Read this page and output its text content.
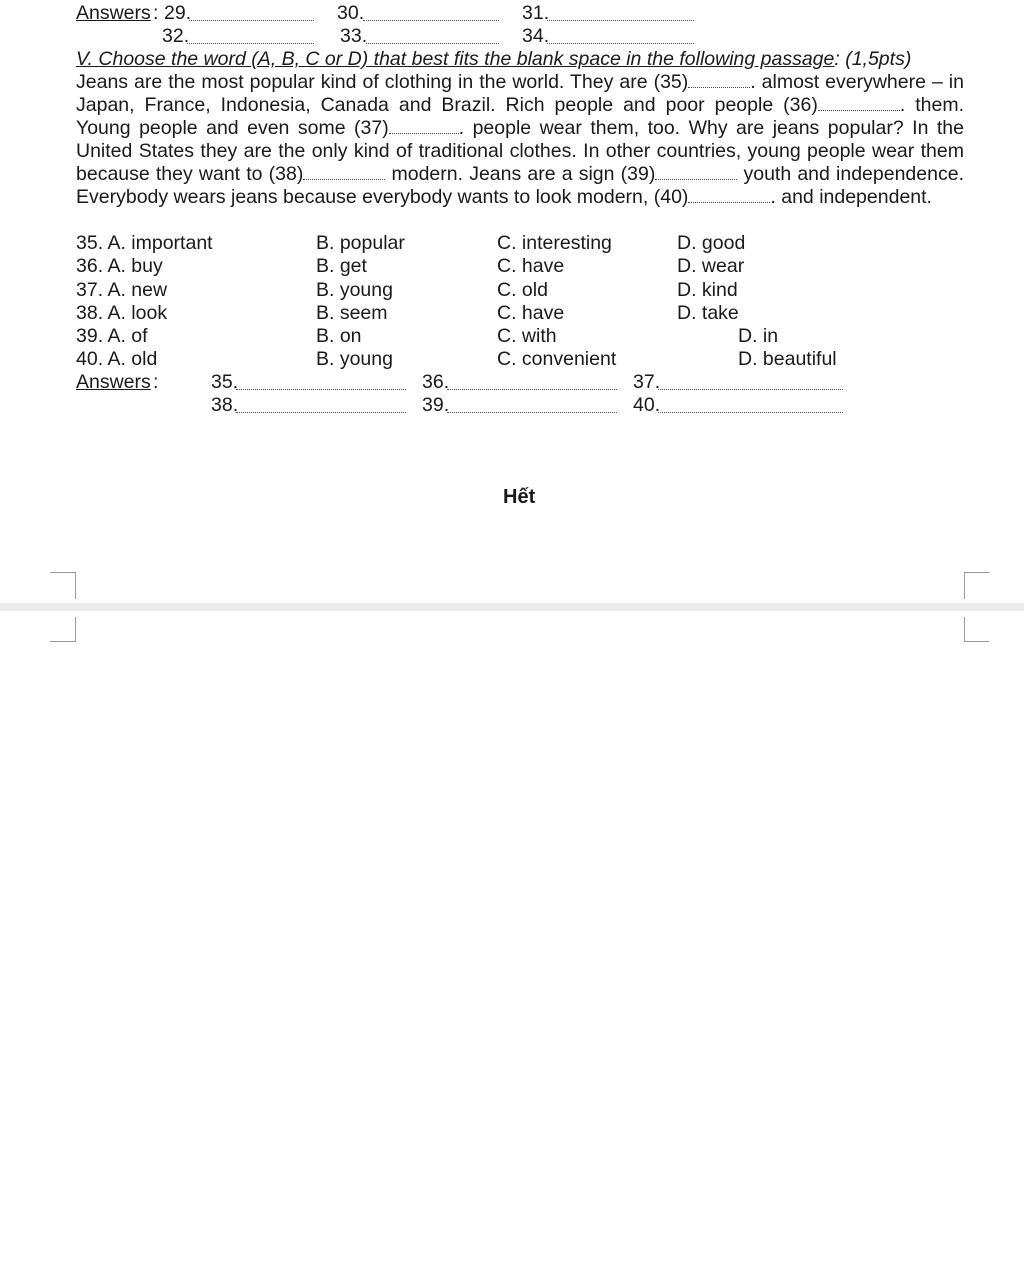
Answers : 29.	30.	31.
32.	33.	34.
V. Choose the word (A, B, C or D) that best fits the blank space in the following passage: (1,5pts)
Jeans are the most popular kind of clothing in the world. They are (35)	. almost everywhere – in Japan, France, Indonesia, Canada and Brazil. Rich people and poor people (36)	. them. Young people and even some (37)	. people wear them, too. Why are jeans popular? In the United States they are the only kind of traditional clothes. In other countries, young people wear them because they want to (38)	modern. Jeans are a sign (39)	youth and independence. Everybody wears jeans because everybody wants to look modern, (40)	. and independent.
35. A. important	B. popular	C. interesting	D. good
36. A. buy	B. get	C. have	D. wear
37. A. new	B. young	C. old	D. kind
38. A. look	B. seem	C. have	D. take
39. A. of	B. on	C. with	D. in
40. A. old	B. young	C. convenient	D. beautiful
Answers :	35.	36.	37.
38.	39.	40.
Hết
